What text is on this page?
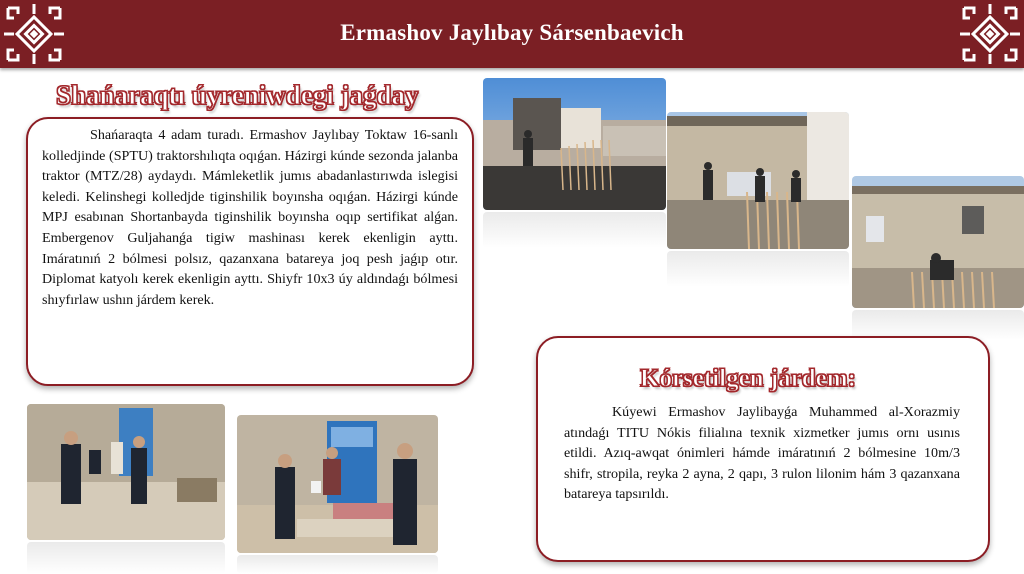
Ermashov Jaylıbay Sársenbaevich
Shańaraqtı úyreniwdegi jaǵday
Shańaraqta 4 adam turadı. Ermashov Jaylıbay Toktaw 16-sanlı kolledjinde (SPTU) traktorshılıqta oqıǵan. Házirgi kúnde sezonda jalanba traktor (MTZ/28) aydaydı. Mámleketlik jumıs abadanlastırıwda islegisi keledi. Kelinshegi kolledjde tiginshilik boyınsha oqıǵan. Házirgi kúnde MPJ esabınan Shortanbayda tiginshilik boyınsha oqıp sertifikat alǵan. Embergenov Guljahanǵa tigiw mashinası kerek ekenligin ayttı. Imáratınıń 2 bólmesi polsız, qazanxana batareya joq pesh jaǵıp otır. Diplomat katyolı kerek ekenligin ayttı. Shiyfr 10x3 úy aldındaǵı bólmesi shıyfırlaw ushın járdem kerek.
Kúyewi Ermashov Jaylibayǵa Muhammed al-Xorazmiy atındaǵı TITU Nókis filialına texnik xizmetker jumıs ornı usınıs etildi. Azıq-awqat ónimleri hámde imáratınıń 2 bólmesine 10m/3 shifr, stropila, reyka 2 ayna, 2 qapı, 3 rulon lilonim hám 3 qazanxana batareya tapsırıldı.
Kórsetilgen járdem:
